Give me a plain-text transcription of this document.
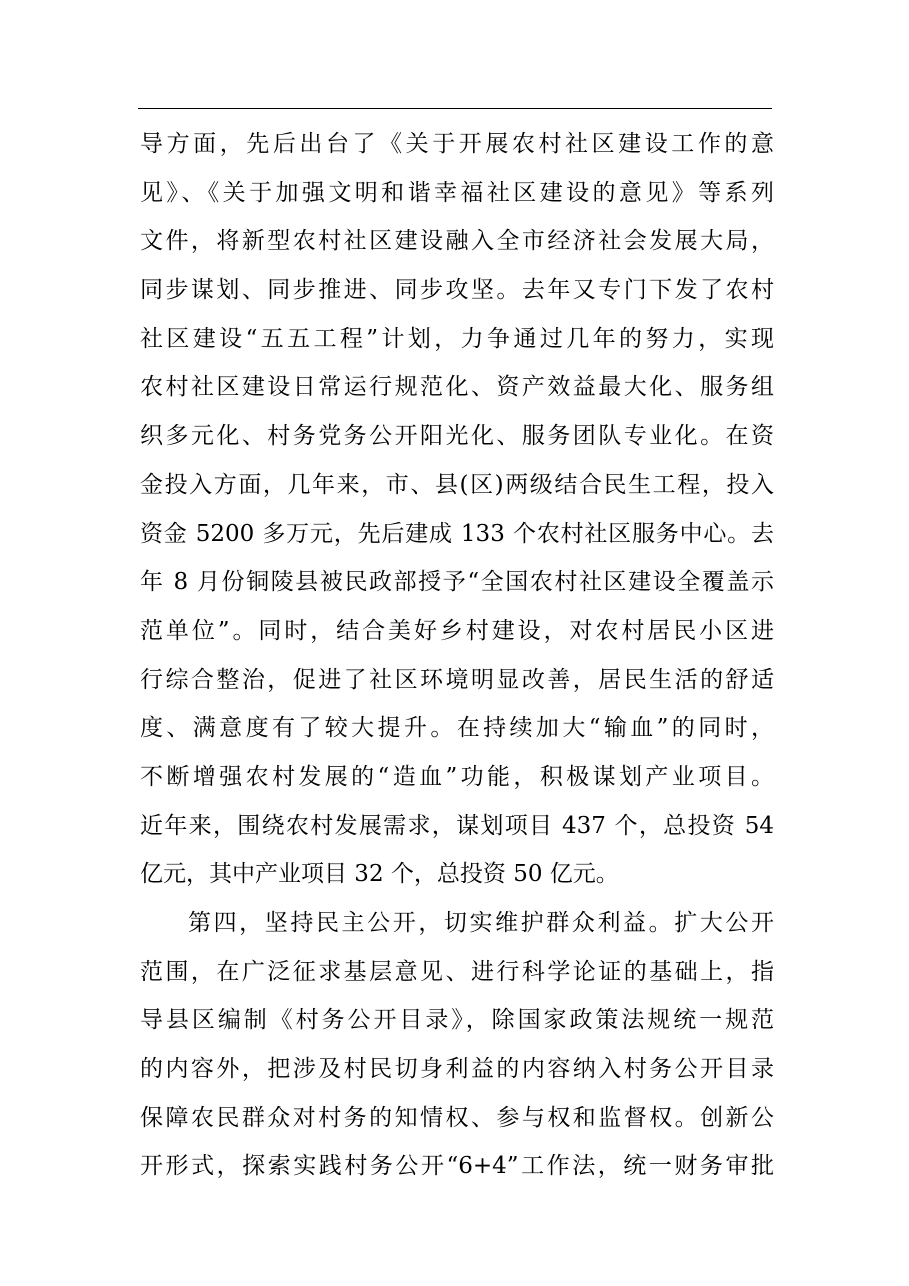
导方面，先后出台了《关于开展农村社区建设工作的意
见》、《关于加强文明和谐幸福社区建设的意见》等系列
文件，将新型农村社区建设融入全市经济社会发展大局，
同步谋划、同步推进、同步攻坚。去年又专门下发了农村
社区建设“五五工程”计划，力争通过几年的努力，实现
农村社区建设日常运行规范化、资产效益最大化、服务组
织多元化、村务党务公开阳光化、服务团队专业化。在资
金投入方面，几年来，市、县(区)两级结合民生工程，投入
资金 5200 多万元，先后建成 133 个农村社区服务中心。去
年 8 月份铜陵县被民政部授予“全国农村社区建设全覆盖示
范单位”。同时，结合美好乡村建设，对农村居民小区进
行综合整治，促进了社区环境明显改善，居民生活的舒适
度、满意度有了较大提升。在持续加大“输血”的同时，
不断增强农村发展的“造血”功能，积极谋划产业项目。
近年来，围绕农村发展需求，谋划项目 437 个，总投资 54
亿元，其中产业项目 32 个，总投资 50 亿元。
第四，坚持民主公开，切实维护群众利益。扩大公开
范围，在广泛征求基层意见、进行科学论证的基础上，指
导县区编制《村务公开目录》，除国家政策法规统一规范
的内容外，把涉及村民切身利益的内容纳入村务公开目录
保障农民群众对村务的知情权、参与权和监督权。创新公
开形式，探索实践村务公开“6+4”工作法，统一财务审批
